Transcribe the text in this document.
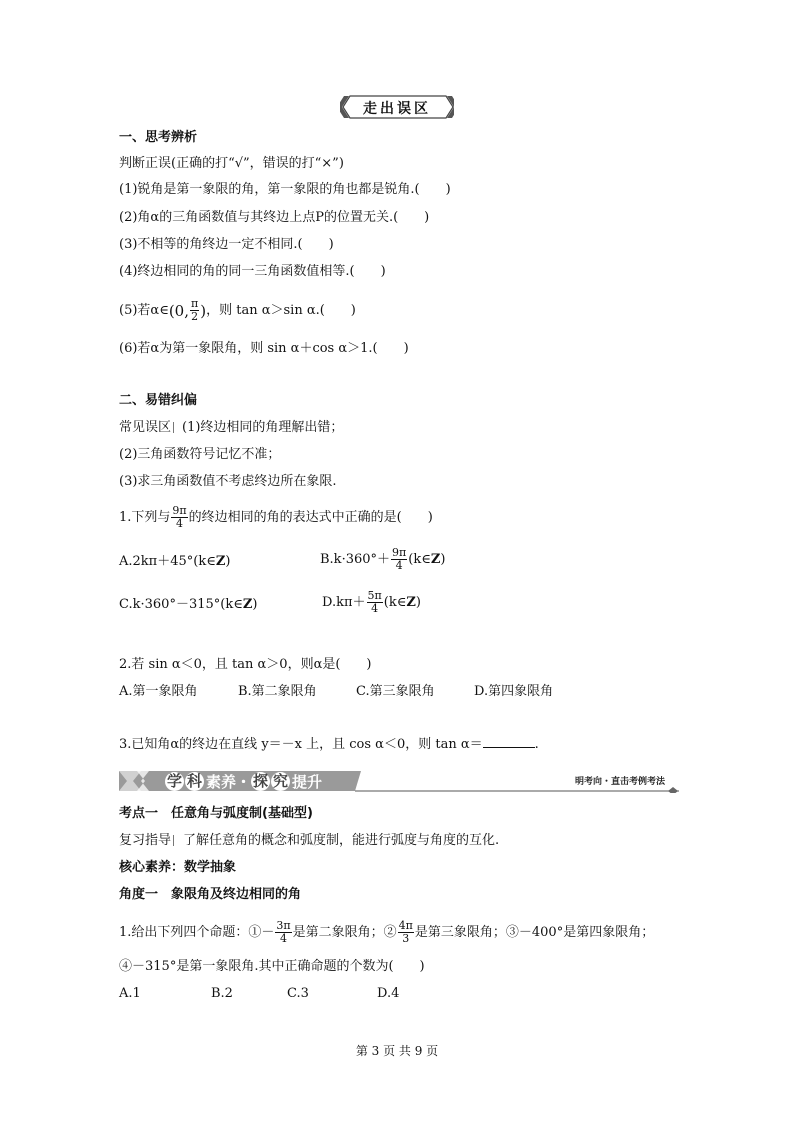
走出误区
一、思考辨析
判断正误(正确的打“√”，错误的打“×”)
(1)锐角是第一象限的角，第一象限的角也都是锐角.(　　)
(2)角α的三角函数值与其终边上点P的位置无关.(　　)
(3)不相等的角终边一定不相同.(　　)
(4)终边相同的角的同一三角函数值相等.(　　)
(5)若α∈(0, $\frac{\pi}{2}$ )，则 tan α＞sin α.(　　)
(6)若α为第一象限角，则 sin α＋cos α＞1.(　　)
二、易错纠偏
常见误区 (1)终边相同的角理解出错；
(2)三角函数符号记忆不准；
(3)求三角函数值不考虑终边所在象限.
1.下列与 $\frac{9\pi}{4}$ 的终边相同的角的表达式中正确的是(　　)
A.2kπ＋45°(k∈Z)	$B.k\cdot 360^\circ+ \frac{9\pi}{4}$ (k∈Z)
C.k·360°－315°(k∈Z)	$D.k\pi+ \frac{5\pi}{4}$ (k∈Z)
2.若 sin α＜0，且 tan α＞0，则α是(　　)
A.第一象限角	B.第二象限角	C.第三象限角	D.第四象限角
3.已知角α的终边在直线 y＝－x 上，且 cos α＜0，则 tan α＝	.
学 科 素养・ 探 究 提升	明考向・直击考例考法
考点一　任意角与弧度制(基础型)
复习指导 了解任意角的概念和弧度制，能进行弧度与角度的互化.
核心素养：数学抽象
角度一　象限角及终边相同的角
1.给出下列四个命题：①－ $\frac{3\pi}{4}$ 是第二象限角；② $\frac{4\pi}{3}$ 是第三象限角；③－400°是第四象限角；
④－315°是第一象限角.其中正确命题的个数为(　　)
A.1	B.2	C.3	D.4
第 3 页 共 9 页
